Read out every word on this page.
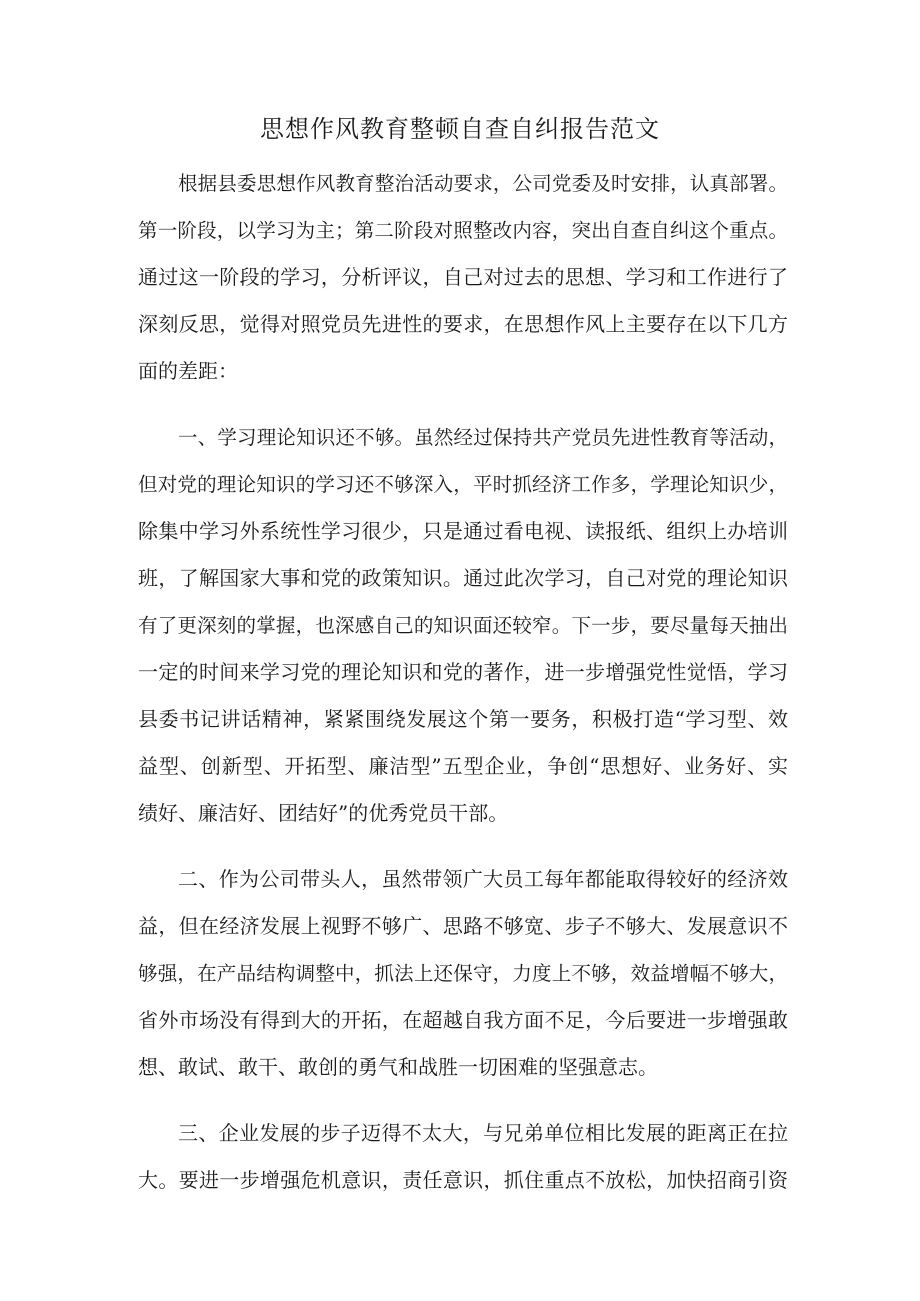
思想作风教育整顿自查自纠报告范文
根据县委思想作风教育整治活动要求，公司党委及时安排，认真部署。
第一阶段，以学习为主；第二阶段对照整改内容，突出自查自纠这个重点。
通过这一阶段的学习，分析评议，自己对过去的思想、学习和工作进行了
深刻反思，觉得对照党员先进性的要求，在思想作风上主要存在以下几方
面的差距：
一、学习理论知识还不够。虽然经过保持共产党员先进性教育等活动，
但对党的理论知识的学习还不够深入，平时抓经济工作多，学理论知识少，
除集中学习外系统性学习很少，只是通过看电视、读报纸、组织上办培训
班，了解国家大事和党的政策知识。通过此次学习，自己对党的理论知识
有了更深刻的掌握，也深感自己的知识面还较窄。下一步，要尽量每天抽出
一定的时间来学习党的理论知识和党的著作，进一步增强党性觉悟，学习
县委书记讲话精神，紧紧围绕发展这个第一要务，积极打造“学习型、效
益型、创新型、开拓型、廉洁型”五型企业，争创“思想好、业务好、实
绩好、廉洁好、团结好”的优秀党员干部。
二、作为公司带头人，虽然带领广大员工每年都能取得较好的经济效
益，但在经济发展上视野不够广、思路不够宽、步子不够大、发展意识不
够强，在产品结构调整中，抓法上还保守，力度上不够，效益增幅不够大，
省外市场没有得到大的开拓，在超越自我方面不足，今后要进一步增强敢
想、敢试、敢干、敢创的勇气和战胜一切困难的坚强意志。
三、企业发展的步子迈得不太大，与兄弟单位相比发展的距离正在拉
大。要进一步增强危机意识，责任意识，抓住重点不放松，加快招商引资
